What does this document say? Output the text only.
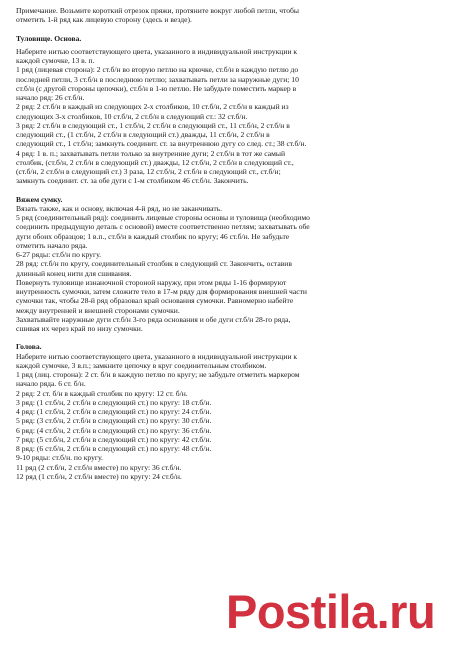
Примечание. Возьмите короткий отрезок пряжи, протяните вокруг любой петли, чтобы

отметить 1-й ряд как лицевую сторону (здесь и везде).

Туловище. Основа.

Наберите нитью соответствующего цвета, указанного в индивидуальной инструкции к

каждой сумочке, 13 в. п.

1 ряд (лицевая сторона): 2 ст.б/н во вторую петлю на крючке, ст.б/н в каждую петлю до

последней петли, 3 ст.б/н в последнюю петлю; захватывать петли за наружные дуги; 10

ст.б/н (с другой стороны цепочки), ст.б/н в 1-ю петлю. Не забудьте поместить маркер в

начало ряд: 26 ст.б/н.

2 ряд: 2 ст.б/н в каждый из следующих 2-х столбиков, 10 ст.б/н, 2 ст.б/н в каждый из

следующих 3-х столбиков, 10 ст.б/н, 2 ст.б/н в следующий ст.: 32 ст.б/н.

3 ряд: 2 ст.б/н в следующий ст., 1 ст.б/н, 2 ст.б/н в следующий ст., 11 ст.б/н, 2 ст.б/н в

следующий ст., (1 ст.б/н, 2 ст.б/н в следующий ст.) дважды, 11 ст.б/н, 2 ст.б/н в

следующий ст., 1 ст.б/н; замкнуть соединит. ст. за внутреннюю дугу со след. ст.; 38 ст.б/н.

4 ряд: 1 в. п.; захватывать петли только за внутренние дуги; 2 ст.б/н в тот же самый

столбик, (ст.б/н, 2 ст.б/н в следующий ст.) дважды, 12 ст.б/н, 2 ст.б/н в следующий ст.,

(ст.б/н, 2 ст.б/н в следующий ст.) 3 раза, 12 ст.б/н, 2 ст.б/н в следующий ст., ст.б/н;

замкнуть соединит. ст. за обе дуги с 1-м столбиком 46 ст.б/н. Закончить.

Вяжем сумку.

Вязать также, как и основу, включая 4-й ряд, но не заканчивать.

5 ряд (соединительный ряд): соединить лицевые стороны основы и туловища (необходимо

соединить предыдущую деталь с основой) вместе соответственно петлям; захватывать обе

дуги обоих образцов; 1 в.п., ст.б/н в каждый столбик по кругу; 46 ст.б/н. Не забудьте

отметить начало ряда.

6-27 ряды: ст.б/н по кругу.

28 ряд: ст.б/н по кругу, соединительный столбик в следующий ст. Закончить, оставив

длинный конец нити для сшивания.

Повернуть туловище изнаночной стороной наружу, при этом ряды 1-16 формируют

внутренность сумочки, затем сложите тело в 17-м ряду для формирования внешней части

сумочки так, чтобы 28-й ряд образовал край основания сумочки. Равномерно набейте

между внутренней и внешней сторонами сумочки.

Захватывайте наружные дуги ст.б/н 3-го ряда основания и обе дуги ст.б/н 28-го ряда,

сшивая их через край по низу сумочки.

Голова.

Наберите нитью соответствующего цвета, указанного в индивидуальной инструкции к

каждой сумочке, 3 в.п.; замкните цепочку в круг соединительным столбиком.

1 ряд (лиц. сторона): 2 ст. б/н в каждую петлю по кругу; не забудьте отметить маркером

начало ряда. 6 ст. б/н.

2 ряд: 2 ст. б/н в каждый столбик по кругу: 12 ст. б/н.

3 ряд: (1 ст.б/н, 2 ст.б/н в следующий ст.) по кругу: 18 ст.б/н.

4 ряд: (1 ст.б/н, 2 ст.б/н в следующий ст.) по кругу: 24 ст.б/н.

5 ряд: (3 ст.б/н, 2 ст.б/н в следующий ст.) по кругу: 30 ст.б/н.

6 ряд: (4 ст.б/н, 2 ст.б/н в следующий ст.) по кругу: 36 ст.б/н.

7 ряд: (5 ст.б/н, 2 ст.б/н в следующий ст.) по кругу: 42 ст.б/н.

8 ряд: (6 ст.б/н, 2 ст.б/н в следующий ст.) по кругу: 48 ст.б/н.

9-10 ряды: ст.б/н. по кругу.

11 ряд (2 ст.б/н, 2 ст.б/н вместе) по кругу: 36 ст.б/н.

12 ряд (1 ст.б/н, 2 ст.б/н вместе) по кругу: 24 ст.б/н.

Postila.ru
